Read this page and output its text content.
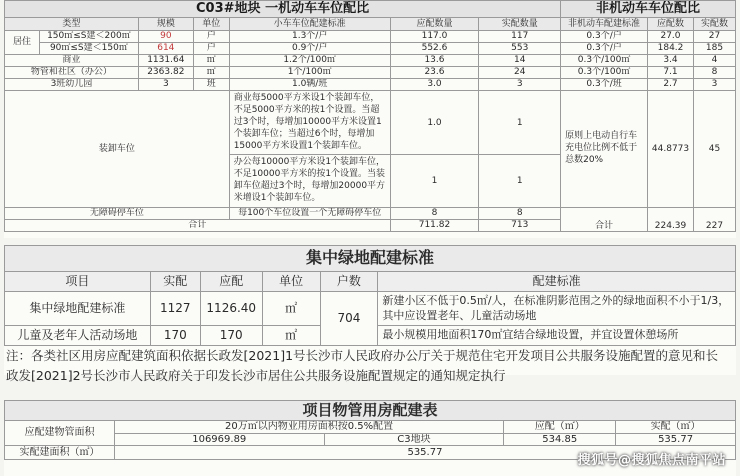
C03#地块 一机动车车位配比							非机动车车位配比		
类型		规模	单位	小车车位配建标准	应配数量	实配数量	非机动车配建标准	应配数	实配数
居住	150㎡≤S建＜200㎡	90	户	1.3个/户	117.0	117	0.3个/户	27.0	27
	90㎡≤S建＜150㎡	614	户	0.9个/户	552.6	553	0.3个/户	184.2	185
商业		1131.64	㎡	1.2个/100㎡	13.6	14	0.3个/100㎡	3.4	4
物管和社区（办公）		2363.82	㎡	1个/100㎡	23.6	24	0.3个/100㎡	7.1	8
3班幼儿园		3	班	1.0辆/班	3.0	3	0.3个/班	2.7	3
装卸车位				商业每5000平方米设1个装卸车位，不足5000平方米的按1个设置。当超过3个时，每增加10000平方米设置1个装卸车位；当超过6个时，每增加15000平方米设置1个装卸车位。	1.0	1	原则上电动自行车充电位比例不低于总数20%	44.8773	45
				办公每10000平方米设1个装卸车位，不足10000平方米的按1个设置。当装卸车位超过3个时，每增加20000平方米增设1个装卸车位。	1	1			
无障碍停车位				每100个车位设置一个无障碍停车位	8	8	合计	224.39	227
合计					711.82	713			
集中绿地配建标准					
项目	实配	应配	单位	户数	配建标准
集中绿地配建标准	1127	1126.40	㎡	704	新建小区不低于0.5㎡/人，在标准阴影范围之外的绿地面积不小于1/3，其中应设置老年、儿童活动场地
儿童及老年人活动场地	170	170	㎡		最小规模用地面积170㎡宜结合绿地设置，并宜设置休憩场所
注：各类社区用房应配建筑面积依据长政发[2021]1号长沙市人民政府办公厅关于规范住宅开发项目公共服务设施配置的意见和长政发[2021]2号长沙市人民政府关于印发长沙市居住公共服务设施配置规定的通知规定执行
项目物管用房配建表				
应配建物管面积	20万㎡以内物业用房面积按0.5%配置		应配（㎡）	实配（㎡）
	106969.89	C3地块	534.85	535.77
实配建面积（㎡）	535.77			
搜狐号@搜狐焦点南平站
